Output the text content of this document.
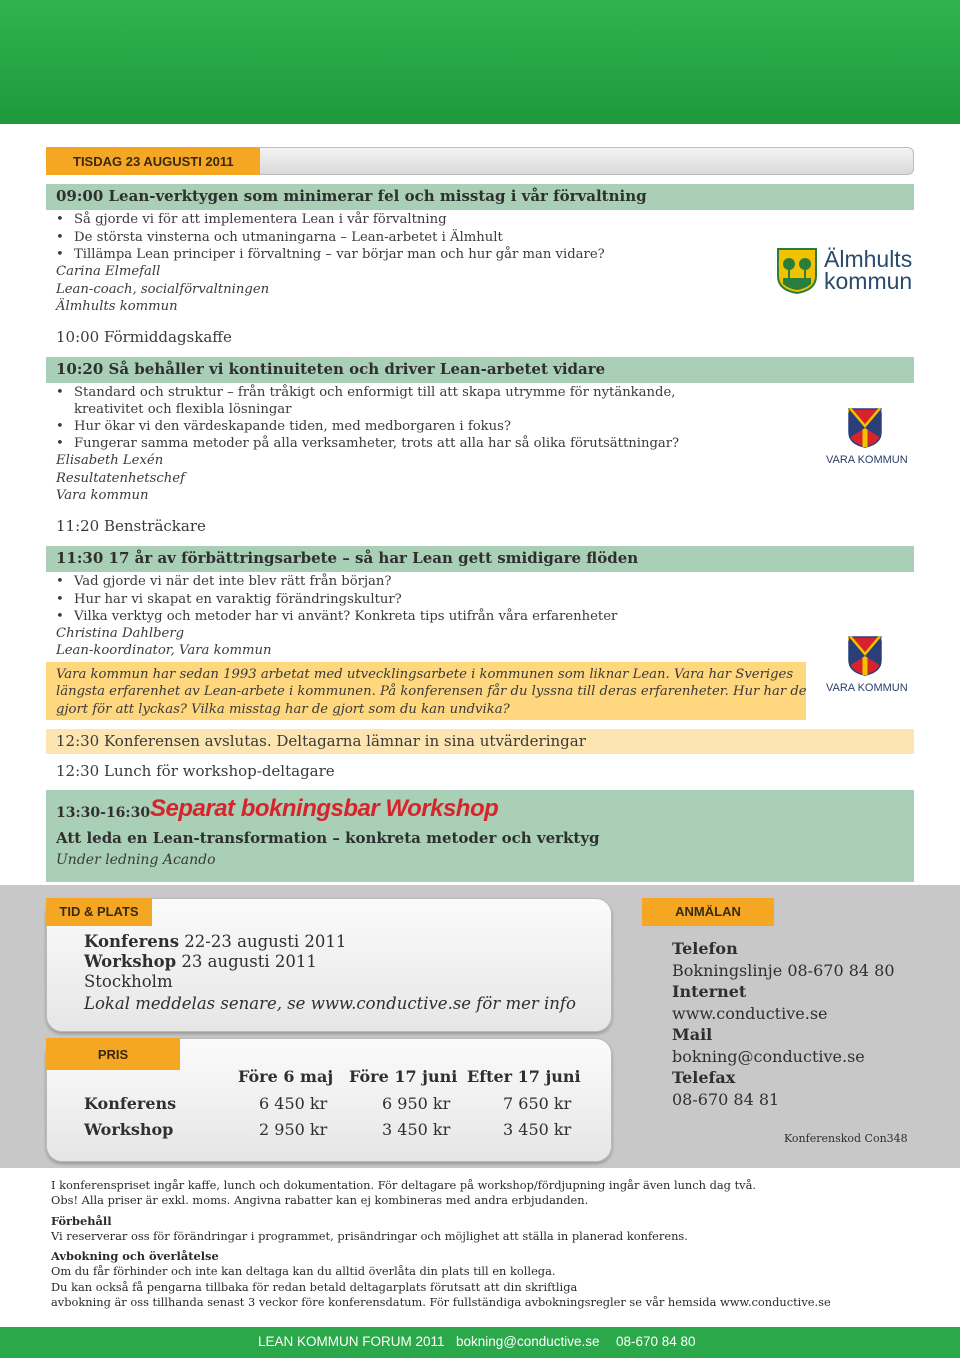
TISDAG 23 AUGUSTI 2011
09:00 Lean-verktygen som minimerar fel och misstag i vår förvaltning
• Så gjorde vi för att implementera Lean i vår förvaltning
• De största vinsterna och utmaningarna – Lean-arbetet i Älmhult
• Tillämpa Lean principer i förvaltning – var börjar man och hur går man vidare?
Carina Elmefall
Lean-coach, socialförvaltningen
Älmhults kommun
Älmhults
kommun
10:00 Förmiddagskaffe
10:20 Så behåller vi kontinuiteten och driver Lean-arbetet vidare
• Standard och struktur – från tråkigt och enformigt till att skapa utrymme för nytänkande,
kreativitet och flexibla lösningar
• Hur ökar vi den värdeskapande tiden, med medborgaren i fokus?
• Fungerar samma metoder på alla verksamheter, trots att alla har så olika förutsättningar?
Elisabeth Lexén
Resultatenhetschef
Vara kommun
VARA KOMMUN
11:20 Bensträckare
11:30 17 år av förbättringsarbete – så har Lean gett smidigare flöden
• Vad gjorde vi när det inte blev rätt från början?
• Hur har vi skapat en varaktig förändringskultur?
• Vilka verktyg och metoder har vi använt? Konkreta tips utifrån våra erfarenheter
Christina Dahlberg
Lean-koordinator, Vara kommun
Vara kommun har sedan 1993 arbetat med utvecklingsarbete i kommunen som liknar Lean. Vara har Sveriges
längsta erfarenhet av Lean-arbete i kommunen. På konferensen får du lyssna till deras erfarenheter. Hur har de
gjort för att lyckas? Vilka misstag har de gjort som du kan undvika?
VARA KOMMUN
12:30 Konferensen avslutas. Deltagarna lämnar in sina utvärderingar
12:30 Lunch för workshop-deltagare
13:30-16:30 Separat bokningsbar Workshop
Att leda en Lean-transformation – konkreta metoder och verktyg
Under ledning Acando
TID & PLATS
Konferens 22-23 augusti 2011
Workshop 23 augusti 2011
Stockholm
Lokal meddelas senare, se www.conductive.se för mer info
PRIS
Före 6 maj Före 17 juni Efter 17 juni
Konferens	6 450 kr	6 950 kr	7 650 kr
Workshop	2 950 kr	3 450 kr	3 450 kr
ANMÄLAN
Telefon
Bokningslinje 08-670 84 80
Internet
www.conductive.se
Mail
bokning@conductive.se
Telefax
08-670 84 81
Konferenskod Con348
I konferenspriset ingår kaffe, lunch och dokumentation. För deltagare på workshop/fördjupning ingår även lunch dag två.
Obs! Alla priser är exkl. moms. Angivna rabatter kan ej kombineras med andra erbjudanden.
Förbehåll
Vi reserverar oss för förändringar i programmet, prisändringar och möjlighet att ställa in planerad konferens.
Avbokning och överlåtelse
Om du får förhinder och inte kan deltaga kan du alltid överlåta din plats till en kollega.
Du kan också få pengarna tillbaka för redan betald deltagarplats förutsatt att din skriftliga
avbokning är oss tillhanda senast 3 veckor före konferensdatum. För fullständiga avbokningsregler se vår hemsida www.conductive.se
LEAN KOMMUN FORUM 2011 bokning@conductive.se 08-670 84 80
